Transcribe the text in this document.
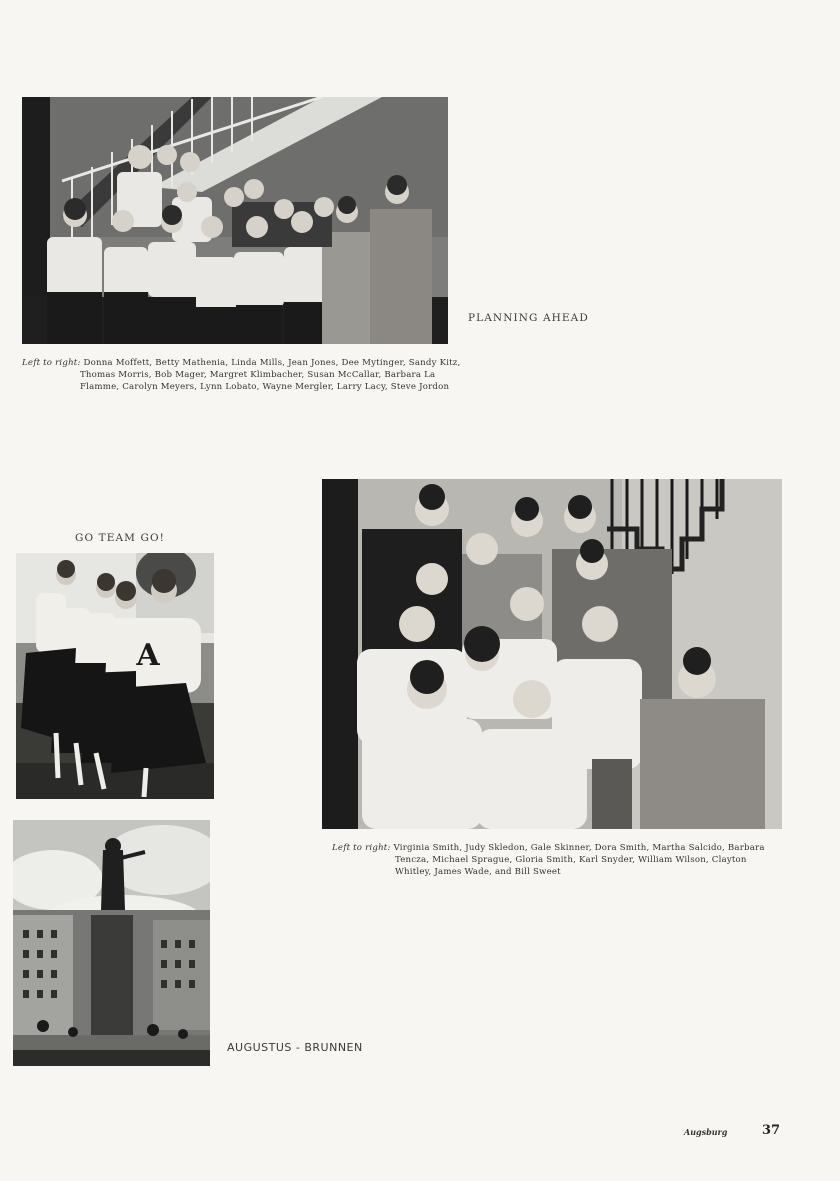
Left to right: Donna Moffett, Betty Mathenia, Linda Mills, Jean Jones, Dee Mytinger, Sandy Kitz,
Thomas Morris, Bob Mager, Margret Klimbacher, Susan McCallar, Barbara La
Flamme, Carolyn Meyers, Lynn Lobato, Wayne Mergler, Larry Lacy, Steve Jordon
PLANNING AHEAD
Left to right: Virginia Smith, Judy Skledon, Gale Skinner, Dora Smith, Martha Salcido, Barbara
Tencza, Michael Sprague, Gloria Smith, Karl Snyder, William Wilson, Clayton
Whitley, James Wade, and Bill Sweet
GO TEAM GO!
A
AUGUSTUS - BRUNNEN
Augsburg	37
